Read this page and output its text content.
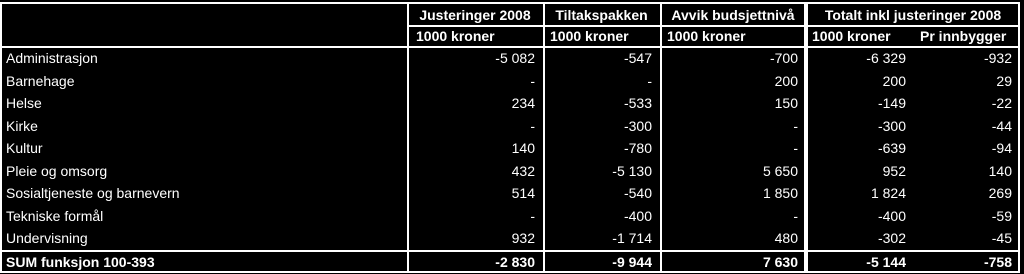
Justeringer 2008	Tiltakspakken	Avvik budsjettnivå	Totalt inkl justeringer 2008
1000 kroner	1000 kroner	1000 kroner	1000 kroner	Pr innbygger
Administrasjon	-5 082	-547	-700	-6 329	-932
Barnehage	-	-	200	200	29
Helse	234	-533	150	-149	-22
Kirke	-	-300	-	-300	-44
Kultur	140	-780	-	-639	-94
Pleie og omsorg	432	-5 130	5 650	952	140
Sosialtjeneste og barnevern	514	-540	1 850	1 824	269
Tekniske formål	-	-400	-	-400	-59
Undervisning	932	-1 714	480	-302	-45
SUM funksjon 100-393	-2 830	-9 944	7 630	-5 144	-758
